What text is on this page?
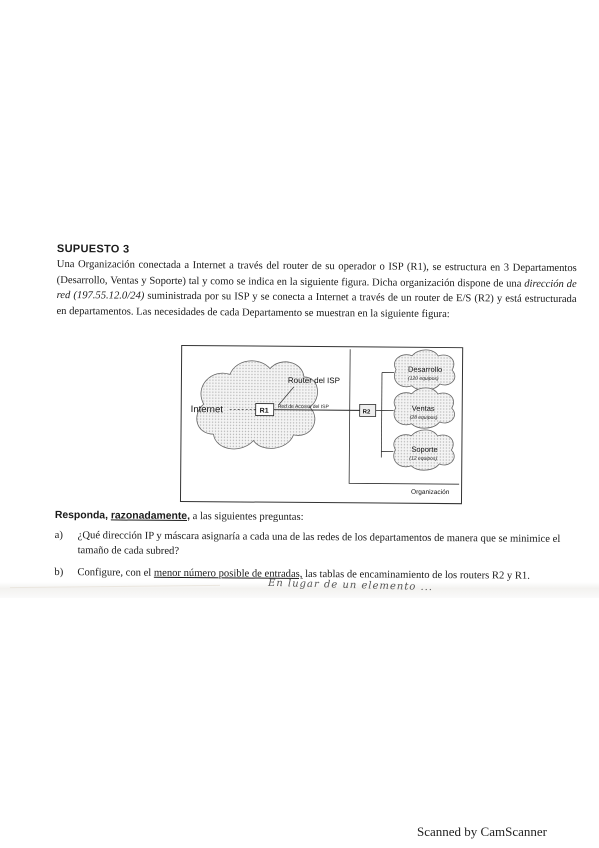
SUPUESTO 3

Una Organización conectada a Internet a través del router de su operador o ISP (R1), se estructura en 3 Departamentos (Desarrollo, Ventas y Soporte) tal y como se indica en la siguiente figura. Dicha organización dispone de una dirección de red (197.55.12.0/24) suministrada por su ISP y se conecta a Internet a través de un router de E/S (R2) y está estructurada en departamentos. Las necesidades de cada Departamento se muestran en la siguiente figura:

Internet	R1
Router del ISP
Red de Acceso del ISP
R2
Desarrollo
(120 equipos)
Ventas
(28 equipos)
Soporte
(12 equipos)
Organización

Responda, razonadamente, a las siguientes preguntas:

a) ¿Qué dirección IP y máscara asignaría a cada una de las redes de los departamentos de manera que se minimice el tamaño de cada subred?

b) Configure, con el menor número posible de entradas, las tablas de encaminamiento de los routers R2 y R1.

En lugar de un elemento ...
Scanned by CamScanner
